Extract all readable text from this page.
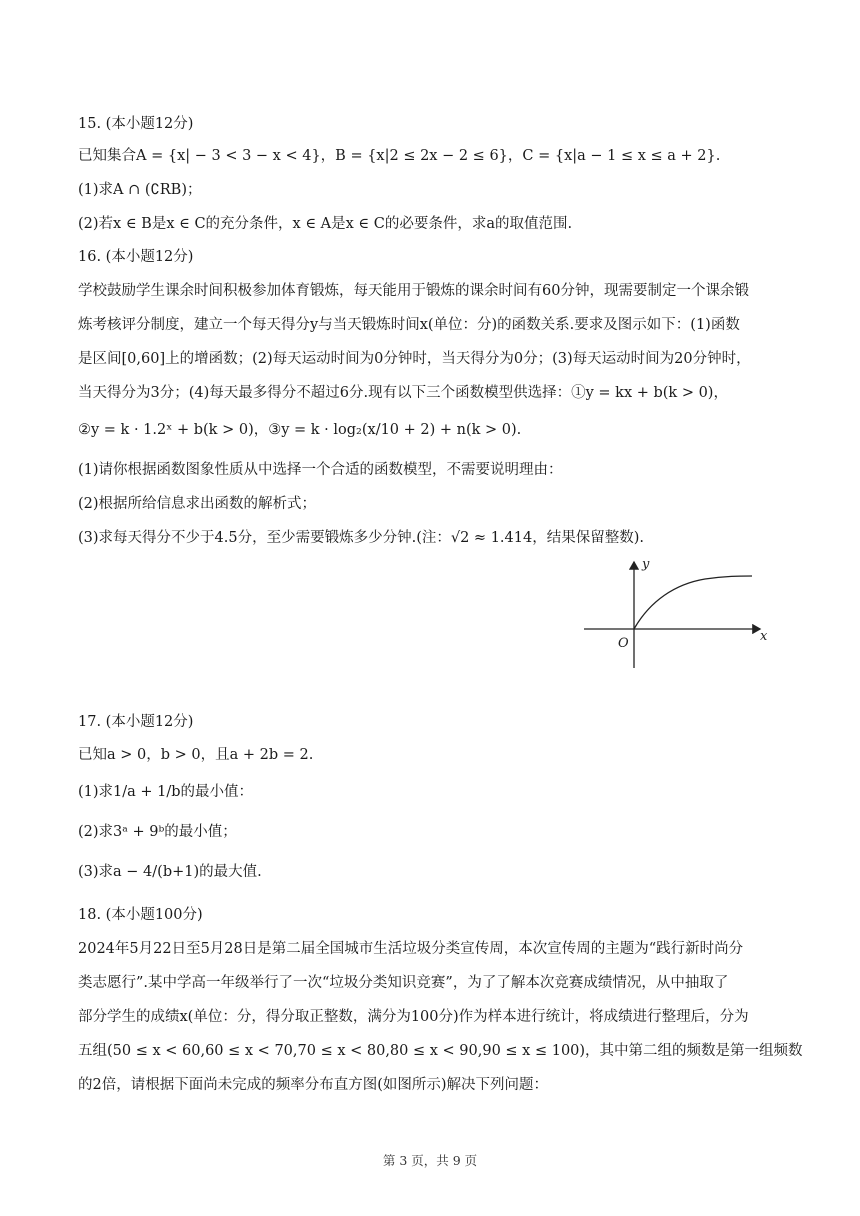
15. (本小题12分)
已知集合A = {x| − 3 < 3 − x < 4}，B = {x|2 ≤ 2x − 2 ≤ 6}，C = {x|a − 1 ≤ x ≤ a + 2}.
(1)求A ∩ (∁RB)；
(2)若x ∈ B是x ∈ C的充分条件，x ∈ A是x ∈ C的必要条件，求a的取值范围.
16. (本小题12分)
学校鼓励学生课余时间积极参加体育锻炼，每天能用于锻炼的课余时间有60分钟，现需要制定一个课余锻
炼考核评分制度，建立一个每天得分y与当天锻炼时间x(单位：分)的函数关系.要求及图示如下：(1)函数
是区间[0,60]上的增函数；(2)每天运动时间为0分钟时，当天得分为0分；(3)每天运动时间为20分钟时，
当天得分为3分；(4)每天最多得分不超过6分.现有以下三个函数模型供选择：①y = kx + b(k > 0)，
②y = k · 1.2ˣ + b(k > 0)，③y = k · log₂(x/10 + 2) + n(k > 0).
(1)请你根据函数图象性质从中选择一个合适的函数模型，不需要说明理由：
(2)根据所给信息求出函数的解析式；
(3)求每天得分不少于4.5分，至少需要锻炼多少分钟.(注：√2 ≈ 1.414，结果保留整数).
17. (本小题12分)
已知a > 0，b > 0，且a + 2b = 2.
(1)求1/a + 1/b的最小值：
(2)求3ᵃ + 9ᵇ的最小值；
(3)求a − 4/(b+1)的最大值.
18. (本小题100分)
2024年5月22日至5月28日是第二届全国城市生活垃圾分类宣传周，本次宣传周的主题为“践行新时尚分
类志愿行”.某中学高一年级举行了一次“垃圾分类知识竞赛”，为了了解本次竞赛成绩情况，从中抽取了
部分学生的成绩x(单位：分，得分取正整数，满分为100分)作为样本进行统计，将成绩进行整理后，分为
五组(50 ≤ x < 60,60 ≤ x < 70,70 ≤ x < 80,80 ≤ x < 90,90 ≤ x ≤ 100)，其中第二组的频数是第一组频数
的2倍，请根据下面尚未完成的频率分布直方图(如图所示)解决下列问题：
y
x
O
第 3 页，共 9 页
